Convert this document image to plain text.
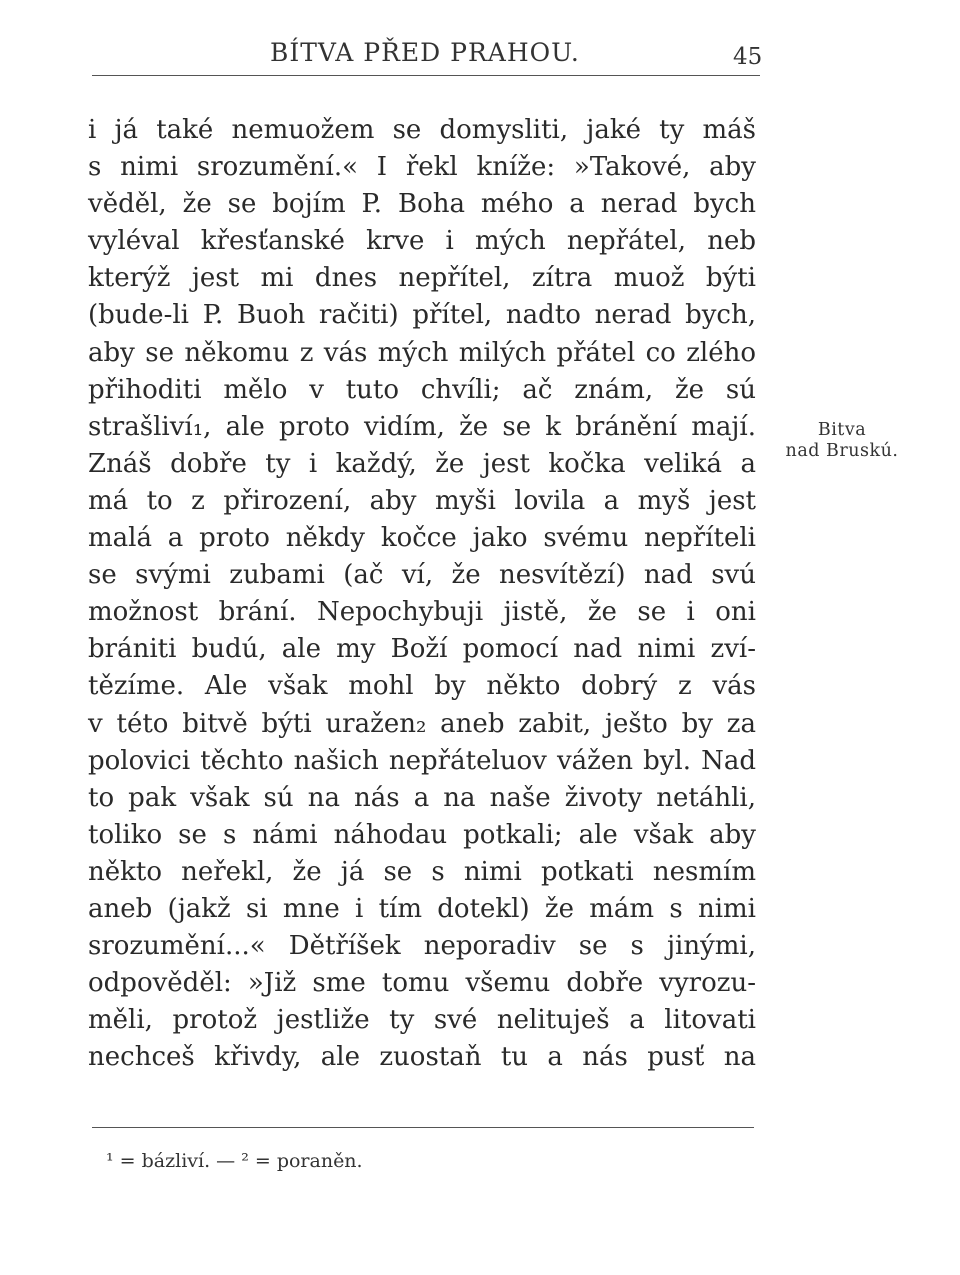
BÍTVA PŘED PRAHOU.	45
i já také nemuožem se domysliti, jaké ty máš
s nimi srozumění.« I řekl kníže: »Takové, aby
věděl, že se bojím P. Boha mého a nerad bych
vyléval křesťanské krve i mých nepřátel, neb
kterýž jest mi dnes nepřítel, zítra muož býti
(bude-li P. Buoh račiti) přítel, nadto nerad bych,
aby se někomu z vás mých milých přátel co zlého
přihoditi mělo v tuto chvíli; ač znám, že sú
strašliví₁, ale proto vidím, že se k bránění mají.
Znáš dobře ty i každý, že jest kočka veliká a
má to z přirození, aby myši lovila a myš jest
malá a proto někdy kočce jako svému nepříteli
se svými zubami (ač ví, že nesvítězí) nad svú
možnost brání. Nepochybuji jistě, že se i oni
brániti budú, ale my Boží pomocí nad nimi zví-
tězíme. Ale však mohl by někto dobrý z vás
v této bitvě býti uražen₂ aneb zabit, ješto by za
polovici těchto našich nepřáteluov vážen byl. Nad
to pak však sú na nás a na naše životy netáhli,
toliko se s námi náhodau potkali; ale však aby
někto neřekl, že já se s nimi potkati nesmím
aneb (jakž si mne i tím dotekl) že mám s nimi
srozumění...« Dětříšek neporadiv se s jinými,
odpověděl: »Již sme tomu všemu dobře vyrozu-
měli, protož jestliže ty své nelituješ a litovati
nechceš křivdy, ale zuostaň tu a nás pusť na
Bitva
nad Bruskú.
¹ = bázliví. — ² = poraněn.
